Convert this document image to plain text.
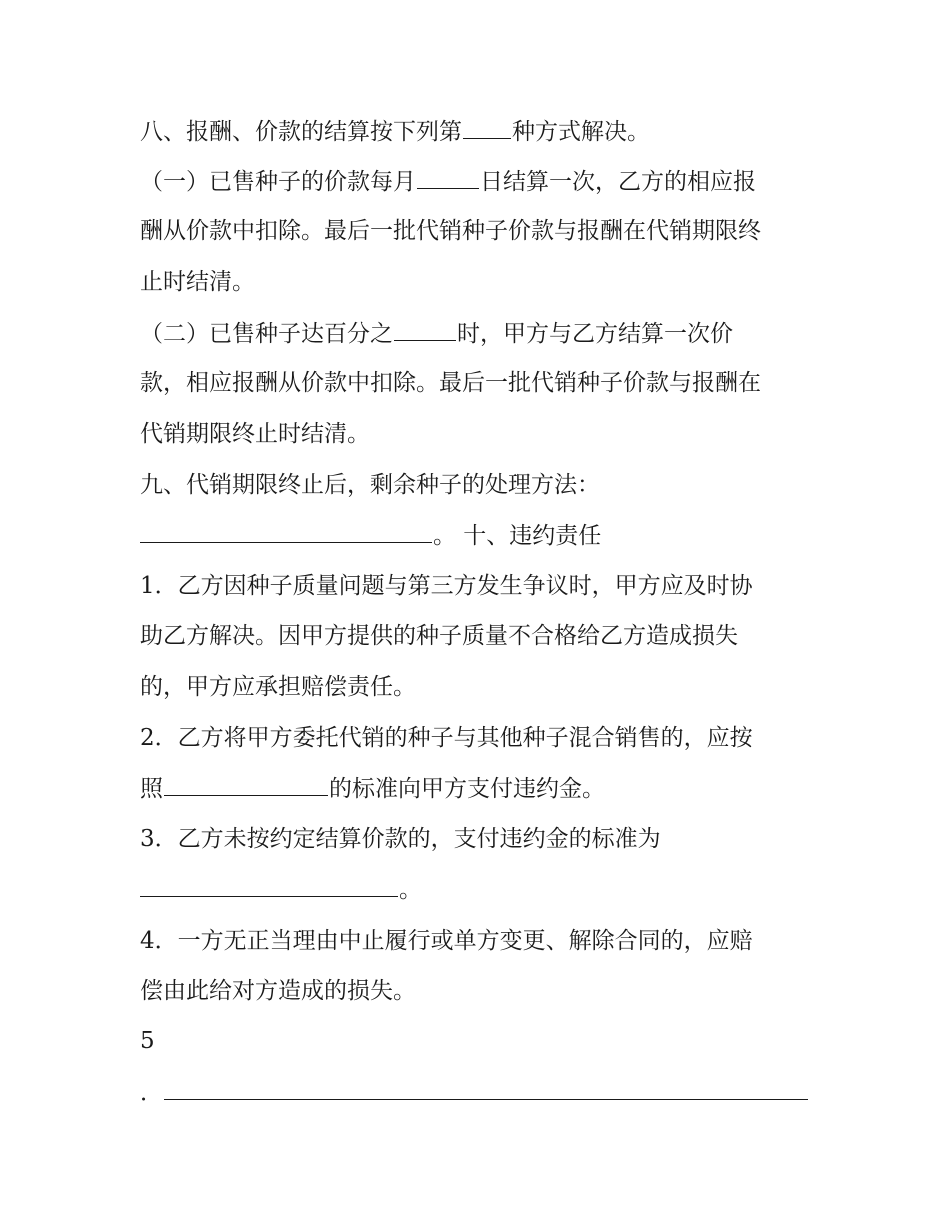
八、报酬、价款的结算按下列第 种方式解决。
（一）已售种子的价款每月	日结算一次，乙方的相应报
酬从价款中扣除。最后一批代销种子价款与报酬在代销期限终
止时结清。
（二）已售种子达百分之	时，甲方与乙方结算一次价
款，相应报酬从价款中扣除。最后一批代销种子价款与报酬在
代销期限终止时结清。
九、代销期限终止后，剩余种子的处理方法：
。 十、违约责任
1．乙方因种子质量问题与第三方发生争议时，甲方应及时协
助乙方解决。因甲方提供的种子质量不合格给乙方造成损失
的，甲方应承担赔偿责任。
2．乙方将甲方委托代销的种子与其他种子混合销售的，应按
照	的标准向甲方支付违约金。
3．乙方未按约定结算价款的，支付违约金的标准为
。
4．一方无正当理由中止履行或单方变更、解除合同的，应赔
偿由此给对方造成的损失。
5
．
